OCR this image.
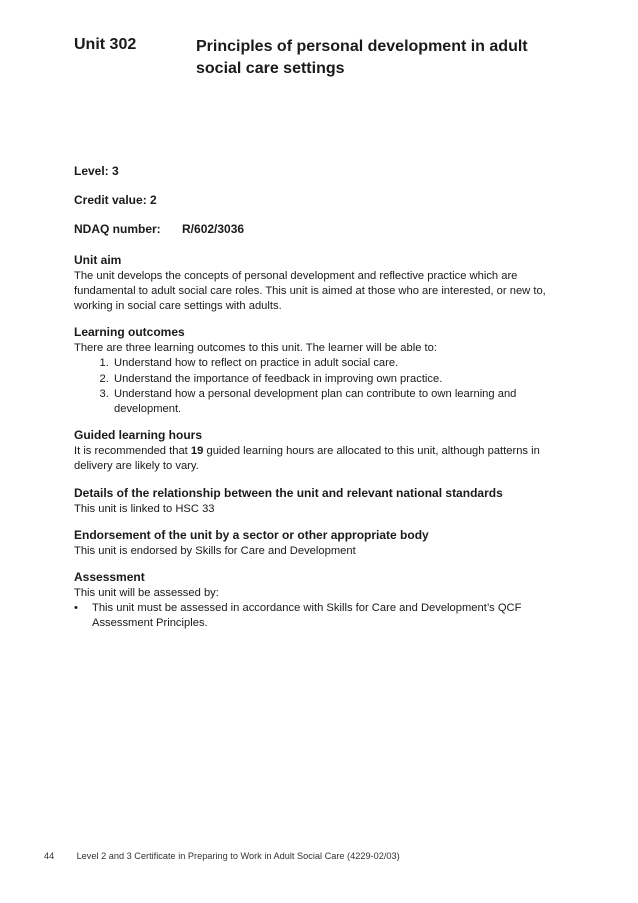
Unit 302	Principles of personal development in adult social care settings
Level: 3
Credit value: 2
NDAQ number: R/602/3036
Unit aim

The unit develops the concepts of personal development and reflective practice which are fundamental to adult social care roles. This unit is aimed at those who are interested, or new to, working in social care settings with adults.

Learning outcomes

There are three learning outcomes to this unit. The learner will be able to:

1. Understand how to reflect on practice in adult social care.
2. Understand the importance of feedback in improving own practice.
3. Understand how a personal development plan can contribute to own learning and development.
Guided learning hours

It is recommended that 19 guided learning hours are allocated to this unit, although patterns in delivery are likely to vary.

Details of the relationship between the unit and relevant national standards

This unit is linked to HSC 33

Endorsement of the unit by a sector or other appropriate body

This unit is endorsed by Skills for Care and Development

Assessment

This unit will be assessed by:

• This unit must be assessed in accordance with Skills for Care and Development’s QCF Assessment Principles.
44 Level 2 and 3 Certificate in Preparing to Work in Adult Social Care (4229-02/03)
